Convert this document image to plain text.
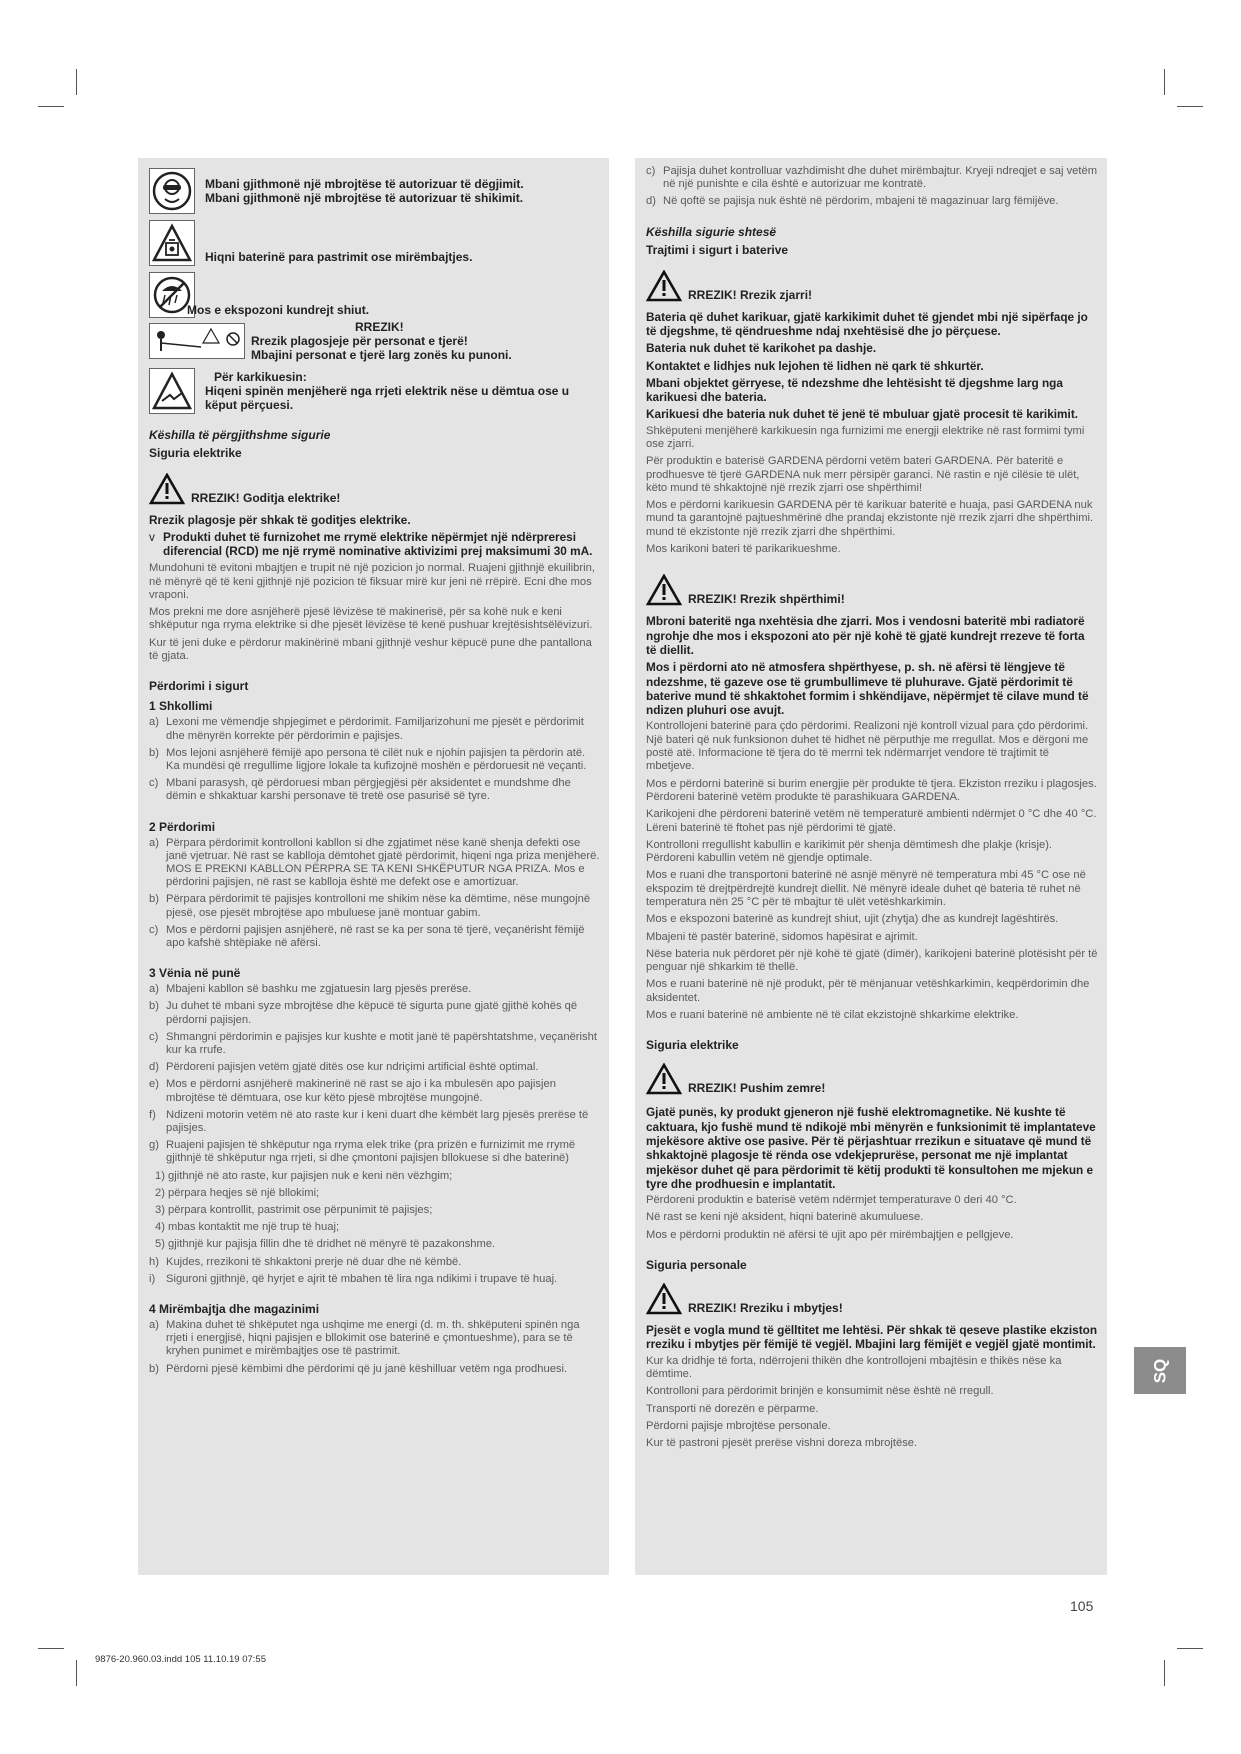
Mbani gjithmonë një mbrojtëse të autorizuar të dëgjimit.
Mbani gjithmonë një mbrojtëse të autorizuar të shikimit.
Hiqni baterinë para pastrimit ose mirëmbajtjes.
Mos e ekspozoni kundrejt shiut.
RREZIK!
Rrezik plagosjeje për personat e tjerë!
Mbajini personat e tjerë larg zonës ku punoni.
Për karkikuesin:
Hiqeni spinën menjëherë nga rrjeti elektrik nëse u dëmtua ose u këput përçuesi.
Këshilla të përgjithshme sigurie
Siguria elektrike
RREZIK! Goditja elektrike!
Rrezik plagosje për shkak të goditjes elektrike.
v Produkti duhet të furnizohet me rrymë elektrike nëpërmjet një ndërpreresi diferencial (RCD) me një rrymë nominative aktivizimi prej maksimumi 30 mA.
Mundohuni të evitoni mbajtjen e trupit në një pozicion jo normal. Ruajeni gjithnjë ekuilibrin, në mënyrë që të keni gjithnjë një pozicion të fiksuar mirë kur jeni në rrëpirë. Ecni dhe mos vraponi.
Mos prekni me dore asnjëherë pjesë lëvizëse të makinerisë, për sa kohë nuk e keni shkëputur nga rryma elektrike si dhe pjesët lëvizëse të kenë pushuar krejtësishtsëlëvizuri.
Kur të jeni duke e përdorur makinërinë mbani gjithnjë veshur këpucë pune dhe pantallona të gjata.
Përdorimi i sigurt
1 Shkollimi
a) Lexoni me vëmendje shpjegimet e përdorimit. Familjarizohuni me pjesët e përdorimit dhe mënyrën korrekte për përdorimin e pajisjes.
b) Mos lejoni asnjëherë fëmijë apo persona të cilët nuk e njohin pajisjen ta përdorin atë. Ka mundësi që rregullime ligjore lokale ta kufizojnë moshën e përdoruesit në veçanti.
c) Mbani parasysh, që përdoruesi mban përgjegjësi për aksidentet e mundshme dhe dëmin e shkaktuar karshi personave të tretë ose pasurisë së tyre.
2 Përdorimi
a) Përpara përdorimit kontrolloni kabllon si dhe zgjatimet nëse kanë shenja defekti ose janë vjetruar. Në rast se kablloja dëmtohet gjatë përdorimit, hiqeni nga priza menjëherë. MOS E PREKNI KABLLON PËRPRA SE TA KENI SHKËPUTUR NGA PRIZA. Mos e përdorini pajisjen, në rast se kablloja është me defekt ose e amortizuar.
b) Përpara përdorimit të pajisjes kontrolloni me shikim nëse ka dëmtime, nëse mungojnë pjesë, ose pjesët mbrojtëse apo mbuluese janë montuar gabim.
c) Mos e përdorni pajisjen asnjëherë, në rast se ka per sona të tjerë, veçanërisht fëmijë apo kafshë shtëpiake në afërsi.
3 Vënia në punë
a) Mbajeni kabllon së bashku me zgjatuesin larg pjesës prerëse.
b) Ju duhet të mbani syze mbrojtëse dhe këpucë të sigurta pune gjatë gjithë kohës që përdorni pajisjen.
c) Shmangni përdorimin e pajisjes kur kushte e motit janë të papërshtatshme, veçanërisht kur ka rrufe.
d) Përdoreni pajisjen vetëm gjatë ditës ose kur ndriçimi artificial është optimal.
e) Mos e përdorni asnjëherë makinerinë në rast se ajo i ka mbulesën apo pajisjen mbrojtëse të dëmtuara, ose kur këto pjesë mbrojtëse mungojnë.
f) Ndizeni motorin vetëm në ato raste kur i keni duart dhe këmbët larg pjesës prerëse të pajisjes.
g) Ruajeni pajisjen të shkëputur nga rryma elek trike (pra prizën e furnizimit me rrymë gjithnjë të shkëputur nga rrjeti, si dhe çmontoni pajisjen bllokuese si dhe baterinë)
1) gjithnjë në ato raste, kur pajisjen nuk e keni nën vëzhgim;
2) përpara heqjes së një bllokimi;
3) përpara kontrollit, pastrimit ose përpunimit të pajisjes;
4) mbas kontaktit me një trup të huaj;
5) gjithnjë kur pajisja fillin dhe të dridhet në mënyrë të pazakonshme.
h) Kujdes, rrezikoni të shkaktoni prerje në duar dhe në këmbë.
i) Siguroni gjithnjë, që hyrjet e ajrit të mbahen të lira nga ndikimi i trupave të huaj.
4 Mirëmbajtja dhe magazinimi
a) Makina duhet të shkëputet nga ushqime me energi (d. m. th. shkëputeni spinën nga rrjeti i energjisë, hiqni pajisjen e bllokimit ose baterinë e çmontueshme), para se të kryhen punimet e mirëmbajtjes ose të pastrimit.
b) Përdorni pjesë këmbimi dhe përdorimi që ju janë këshilluar vetëm nga prodhuesi.
c) Pajisja duhet kontrolluar vazhdimisht dhe duhet mirëmbajtur. Kryeji ndreqjet e saj vetëm në një punishte e cila është e autorizuar me kontratë.
d) Në qoftë se pajisja nuk është në përdorim, mbajeni të magazinuar larg fëmijëve.
Këshilla sigurie shtesë
Trajtimi i sigurt i baterive
RREZIK! Rrezik zjarri!
Bateria që duhet karikuar, gjatë karkikimit duhet të gjendet mbi një sipërfaqe jo të djegshme, të qëndrueshme ndaj nxehtësisë dhe jo përçuese.
Bateria nuk duhet të karikohet pa dashje.
Kontaktet e lidhjes nuk lejohen të lidhen në qark të shkurtër.
Mbani objektet gërryese, të ndezshme dhe lehtësisht të djegshme larg nga karikuesi dhe bateria.
Karikuesi dhe bateria nuk duhet të jenë të mbuluar gjatë procesit të karikimit.
Shkëputeni menjëherë karkikuesin nga furnizimi me energji elektrike në rast formimi tymi ose zjarri.
Për produktin e baterisë GARDENA përdorni vetëm bateri GARDENA. Për bateritë e prodhuesve të tjerë GARDENA nuk merr përsipër garanci. Në rastin e një cilësie të ulët, këto mund të shkaktojnë një rrezik zjarri ose shpërthimi!
Mos e përdorni karikuesin GARDENA për të karikuar bateritë e huaja, pasi GARDENA nuk mund ta garantojnë pajtueshmërinë dhe prandaj ekzistonte një rrezik zjarri dhe shpërthimi. mund të ekzistonte një rrezik zjarri dhe shpërthimi.
Mos karikoni bateri të parikarikueshme.
RREZIK! Rrezik shpërthimi!
Mbroni bateritë nga nxehtësia dhe zjarri. Mos i vendosni bateritë mbi radiatorë ngrohje dhe mos i ekspozoni ato për një kohë të gjatë kundrejt rrezeve të forta të diellit.
Mos i përdorni ato në atmosfera shpërthyese, p. sh. në afërsi të lëngjeve të ndezshme, të gazeve ose të grumbullimeve të pluhurave. Gjatë përdorimit të baterive mund të shkaktohet formim i shkëndijave, nëpërmjet të cilave mund të ndizen pluhuri ose avujt.
Kontrollojeni baterinë para çdo përdorimi. Realizoni një kontroll vizual para çdo përdorimi. Një bateri që nuk funksionon duhet të hidhet në përputhje me rregullat. Mos e dërgoni me postë atë. Informacione të tjera do të merrni tek ndërmarrjet vendore të trajtimit të mbetjeve.
Mos e përdorni baterinë si burim energjie për produkte të tjera. Ekziston rreziku i plagosjes. Përdoreni baterinë vetëm produkte të parashikuara GARDENA.
Karikojeni dhe përdoreni baterinë vetëm në temperaturë ambienti ndërmjet 0 °C dhe 40 °C. Lëreni baterinë të ftohet pas një përdorimi të gjatë.
Kontrolloni rregullisht kabullin e karikimit për shenja dëmtimesh dhe plakje (krisje). Përdoreni kabullin vetëm në gjendje optimale.
Mos e ruani dhe transportoni baterinë në asnjë mënyrë në temperatura mbi 45 °C ose në ekspozim të drejtpërdrejtë kundrejt diellit. Në mënyrë ideale duhet që bateria të ruhet në temperatura nën 25 °C për të mbajtur të ulët vetëshkarkimin.
Mos e ekspozoni baterinë as kundrejt shiut, ujit (zhytja) dhe as kundrejt lagështirës.
Mbajeni të pastër baterinë, sidomos hapësirat e ajrimit.
Nëse bateria nuk përdoret për një kohë të gjatë (dimër), karikojeni baterinë plotësisht për të penguar një shkarkim të thellë.
Mos e ruani baterinë në një produkt, për të mënjanuar vetëshkarkimin, keqpërdorimin dhe aksidentet.
Mos e ruani baterinë në ambiente në të cilat ekzistojnë shkarkime elektrike.
Siguria elektrike
RREZIK! Pushim zemre!
Gjatë punës, ky produkt gjeneron një fushë elektromagnetike. Në kushte të caktuara, kjo fushë mund të ndikojë mbi mënyrën e funksionimit të implantateve mjekësore aktive ose pasive. Për të përjashtuar rrezikun e situatave që mund të shkaktojnë plagosje të rënda ose vdekjeprurëse, personat me një implantat mjekësor duhet që para përdorimit të këtij produkti të konsultohen me mjekun e tyre dhe prodhuesin e implantatit.
Përdoreni produktin e baterisë vetëm ndërmjet temperaturave 0 deri 40 °C.
Në rast se keni një aksident, hiqni baterinë akumuluese.
Mos e përdorni produktin në afërsi të ujit apo për mirëmbajtjen e pellgjeve.
Siguria personale
RREZIK! Rreziku i mbytjes!
Pjesët e vogla mund të gëlltitet me lehtësi. Për shkak të qeseve plastike ekziston rreziku i mbytjes për fëmijë të vegjël. Mbajini larg fëmijët e vegjël gjatë montimit.
Kur ka dridhje të forta, ndërrojeni thikën dhe kontrollojeni mbajtësin e thikës nëse ka dëmtime.
Kontrolloni para përdorimit brinjën e konsumimit nëse është në rregull.
Transporti në dorezën e përparme.
Përdorni pajisje mbrojtëse personale.
Kur të pastroni pjesët prerëse vishni doreza mbrojtëse.
SQ
105
9876-20.960.03.indd 105 11.10.19 07:55
